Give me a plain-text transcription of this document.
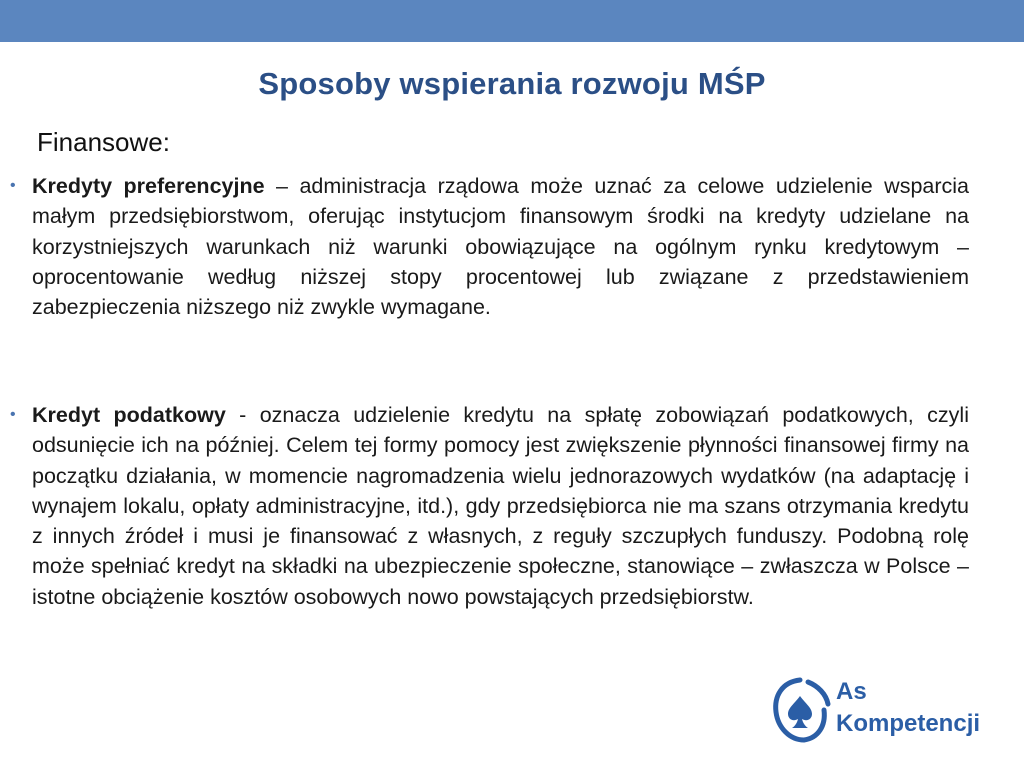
Sposoby wspierania rozwoju MŚP
Finansowe:
• Kredyty preferencyjne – administracja rządowa może uznać za celowe udzielenie wsparcia małym przedsiębiorstwom, oferując instytucjom finansowym środki na kredyty udzielane na korzystniejszych warunkach niż warunki obowiązujące na ogólnym rynku kredytowym – oprocentowanie według niższej stopy procentowej lub związane z przedstawieniem zabezpieczenia niższego niż zwykle wymagane.
• Kredyt podatkowy - oznacza udzielenie kredytu na spłatę zobowiązań podatkowych, czyli odsunięcie ich na później. Celem tej formy pomocy jest zwiększenie płynności finansowej firmy na początku działania, w momencie nagromadzenia wielu jednorazowych wydatków (na adaptację i wynajem lokalu, opłaty administracyjne, itd.), gdy przedsiębiorca nie ma szans otrzymania kredytu z innych źródeł i musi je finansować z własnych, z reguły szczupłych funduszy. Podobną rolę może spełniać kredyt na składki na ubezpieczenie społeczne, stanowiące – zwłaszcza w Polsce – istotne obciążenie kosztów osobowych nowo powstających przedsiębiorstw.
As
Kompetencji
